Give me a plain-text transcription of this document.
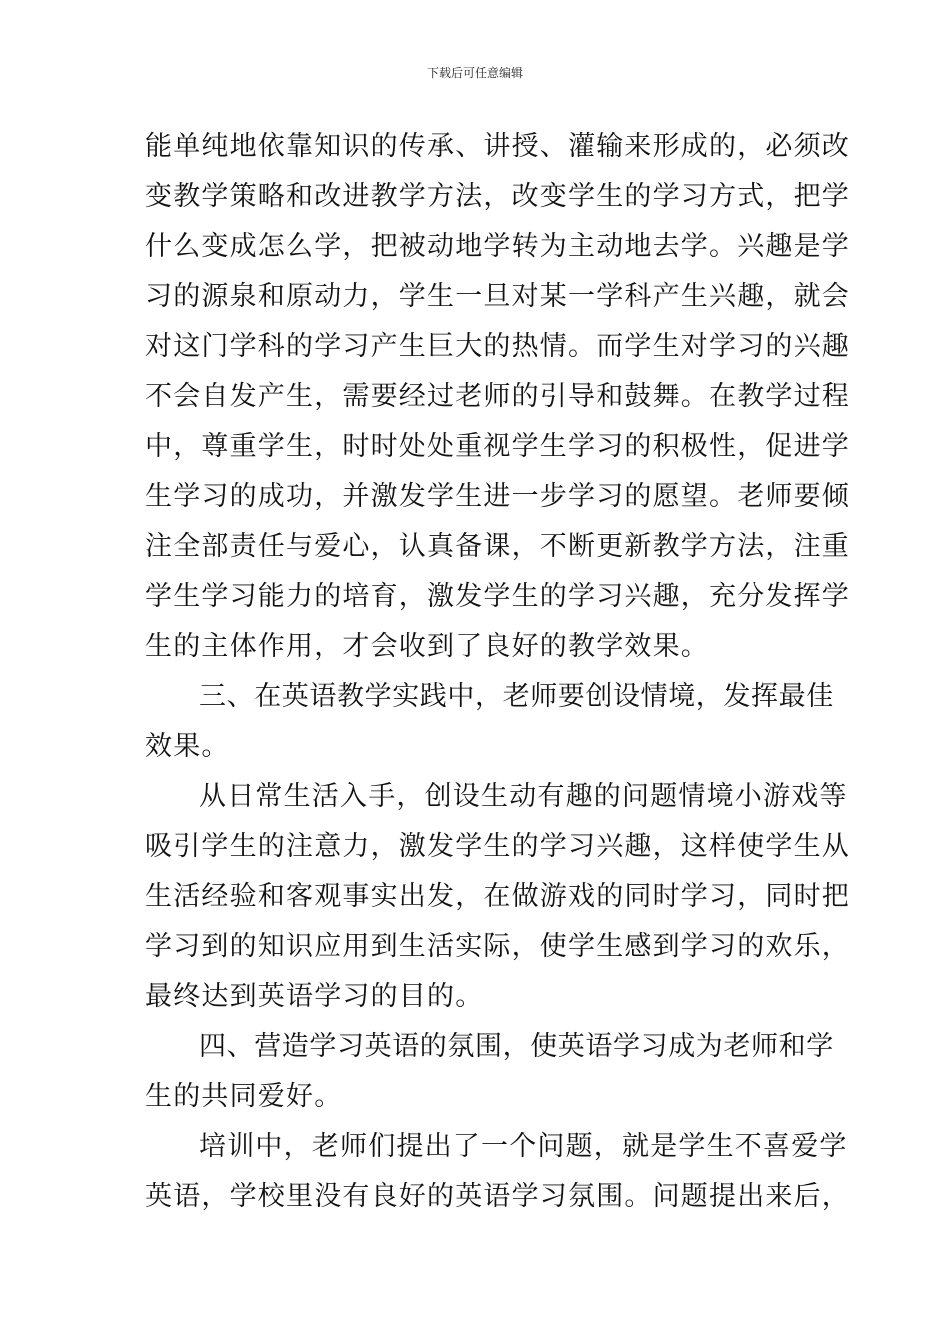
下载后可任意编辑
能单纯地依靠知识的传承、讲授、灌输来形成的，必须改
变教学策略和改进教学方法，改变学生的学习方式，把学
什么变成怎么学，把被动地学转为主动地去学。兴趣是学
习的源泉和原动力，学生一旦对某一学科产生兴趣，就会
对这门学科的学习产生巨大的热情。而学生对学习的兴趣
不会自发产生，需要经过老师的引导和鼓舞。在教学过程
中，尊重学生，时时处处重视学生学习的积极性，促进学
生学习的成功，并激发学生进一步学习的愿望。老师要倾
注全部责任与爱心，认真备课，不断更新教学方法，注重
学生学习能力的培育，激发学生的学习兴趣，充分发挥学
生的主体作用，才会收到了良好的教学效果。
三、在英语教学实践中，老师要创设情境，发挥最佳
效果。
从日常生活入手，创设生动有趣的问题情境小游戏等
吸引学生的注意力，激发学生的学习兴趣，这样使学生从
生活经验和客观事实出发，在做游戏的同时学习，同时把
学习到的知识应用到生活实际，使学生感到学习的欢乐，
最终达到英语学习的目的。
四、营造学习英语的氛围，使英语学习成为老师和学
生的共同爱好。
培训中，老师们提出了一个问题，就是学生不喜爱学
英语，学校里没有良好的英语学习氛围。问题提出来后，
